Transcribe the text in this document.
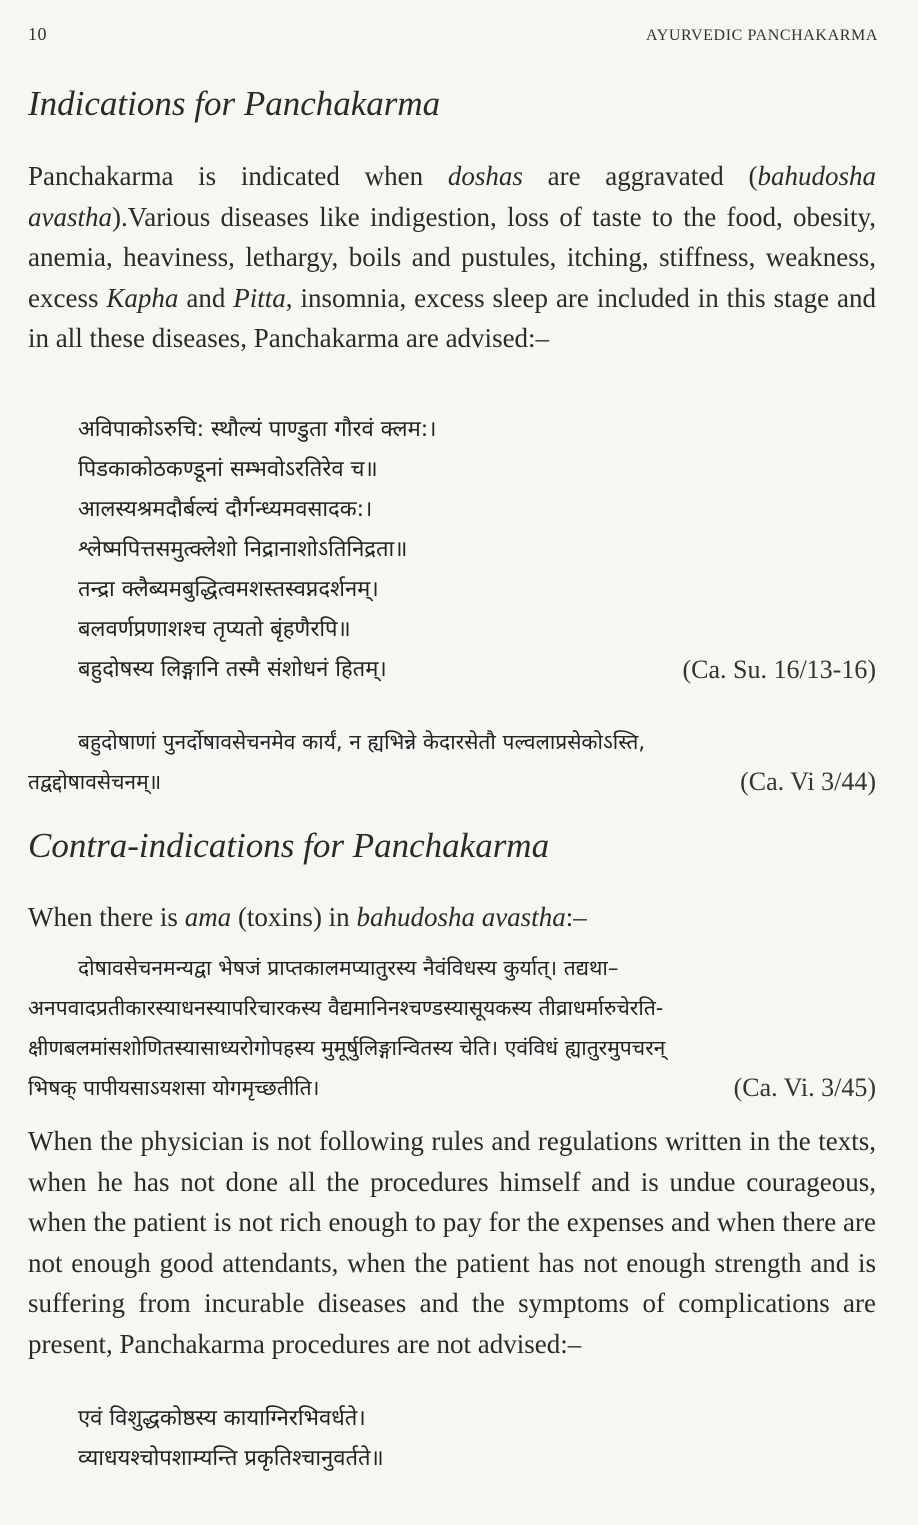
10	AYURVEDIC PANCHAKARMA
Indications for Panchakarma

Panchakarma is indicated when doshas are aggravated (bahudosha avastha).Various diseases like indigestion, loss of taste to the food, obesity, anemia, heaviness, lethargy, boils and pustules, itching, stiffness, weakness, excess Kapha and Pitta, insomnia, excess sleep are included in this stage and in all these diseases, Panchakarma are advised:–

अविपाकोऽरुचि: स्थौल्यं पाण्डुता गौरवं क्लम:।
पिडकाकोठकण्डूनां सम्भवोऽरतिरेव च॥
आलस्यश्रमदौर्बल्यं दौर्गन्ध्यमवसादक:।
श्लेष्मपित्तसमुत्क्लेशो निद्रानाशोऽतिनिद्रता॥
तन्द्रा क्लैब्यमबुद्धित्वमशस्तस्वप्नदर्शनम्।
बलवर्णप्रणाशश्च तृप्यतो बृंहणैरपि॥
बहुदोषस्य लिङ्गानि तस्मै संशोधनं हितम्।	(Ca. Su. 16/13-16)
बहुदोषाणां पुनर्दोषावसेचनमेव कार्यं, न ह्यभिन्ने केदारसेतौ पल्वलाप्रसेकोऽस्ति,
तद्वद्दोषावसेचनम्॥	(Ca. Vi 3/44)
Contra-indications for Panchakarma

When there is ama (toxins) in bahudosha avastha:–

दोषावसेचनमन्यद्वा भेषजं प्राप्तकालमप्यातुरस्य नैवंविधस्य कुर्यात्। तद्यथा–
अनपवादप्रतीकारस्याधनस्यापरिचारकस्य वैद्यमानिनश्चण्डस्यासूयकस्य तीव्राधर्मारुचेरति-
क्षीणबलमांसशोणितस्यासाध्यरोगोपहस्य मुमूर्षुलिङ्गान्वितस्य चेति। एवंविधं ह्यातुरमुपचरन्
भिषक् पापीयसाऽयशसा योगमृच्छतीति।	(Ca. Vi. 3/45)

When the physician is not following rules and regulations written in the texts, when he has not done all the procedures himself and is undue courageous, when the patient is not rich enough to pay for the expenses and when there are not enough good attendants, when the patient has not enough strength and is suffering from incurable diseases and the symptoms of complications are present, Panchakarma procedures are not advised:–

एवं विशुद्धकोष्ठस्य कायाग्निरभिवर्धते।
व्याधयश्चोपशाम्यन्ति प्रकृतिश्चानुवर्तते॥
